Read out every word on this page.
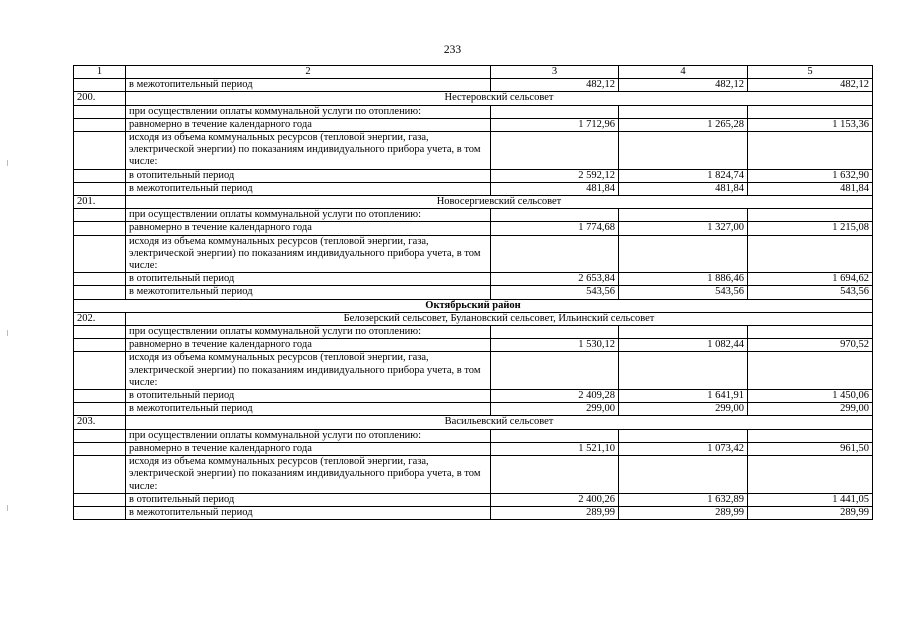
233
1	2	3	4	5
	в межотопительный период	482,12	482,12	482,12
200.	Нестеровский сельсовет			
	при осуществлении оплаты коммунальной услуги по отоплению:			
	равномерно в течение календарного года	1 712,96	1 265,28	1 153,36
	исходя из объема коммунальных ресурсов (тепловой энергии, газа, электрической энергии) по показаниям индивидуального прибора учета, в том числе:			
	в отопительный период	2 592,12	1 824,74	1 632,90
	в межотопительный период	481,84	481,84	481,84
201.	Новосергиевский сельсовет			
	при осуществлении оплаты коммунальной услуги по отоплению:			
	равномерно в течение календарного года	1 774,68	1 327,00	1 215,08
	исходя из объема коммунальных ресурсов (тепловой энергии, газа, электрической энергии) по показаниям индивидуального прибора учета, в том числе:			
	в отопительный период	2 653,84	1 886,46	1 694,62
	в межотопительный период	543,56	543,56	543,56
Октябрьский район				
202.	Белозерский сельсовет, Булановский сельсовет, Ильинский сельсовет			
	при осуществлении оплаты коммунальной услуги по отоплению:			
	равномерно в течение календарного года	1 530,12	1 082,44	970,52
	исходя из объема коммунальных ресурсов (тепловой энергии, газа, электрической энергии) по показаниям индивидуального прибора учета, в том числе:			
	в отопительный период	2 409,28	1 641,91	1 450,06
	в межотопительный период	299,00	299,00	299,00
203.	Васильевский сельсовет			
	при осуществлении оплаты коммунальной услуги по отоплению:			
	равномерно в течение календарного года	1 521,10	1 073,42	961,50
	исходя из объема коммунальных ресурсов (тепловой энергии, газа, электрической энергии) по показаниям индивидуального прибора учета, в том числе:			
	в отопительный период	2 400,26	1 632,89	1 441,05
	в межотопительный период	289,99	289,99	289,99
